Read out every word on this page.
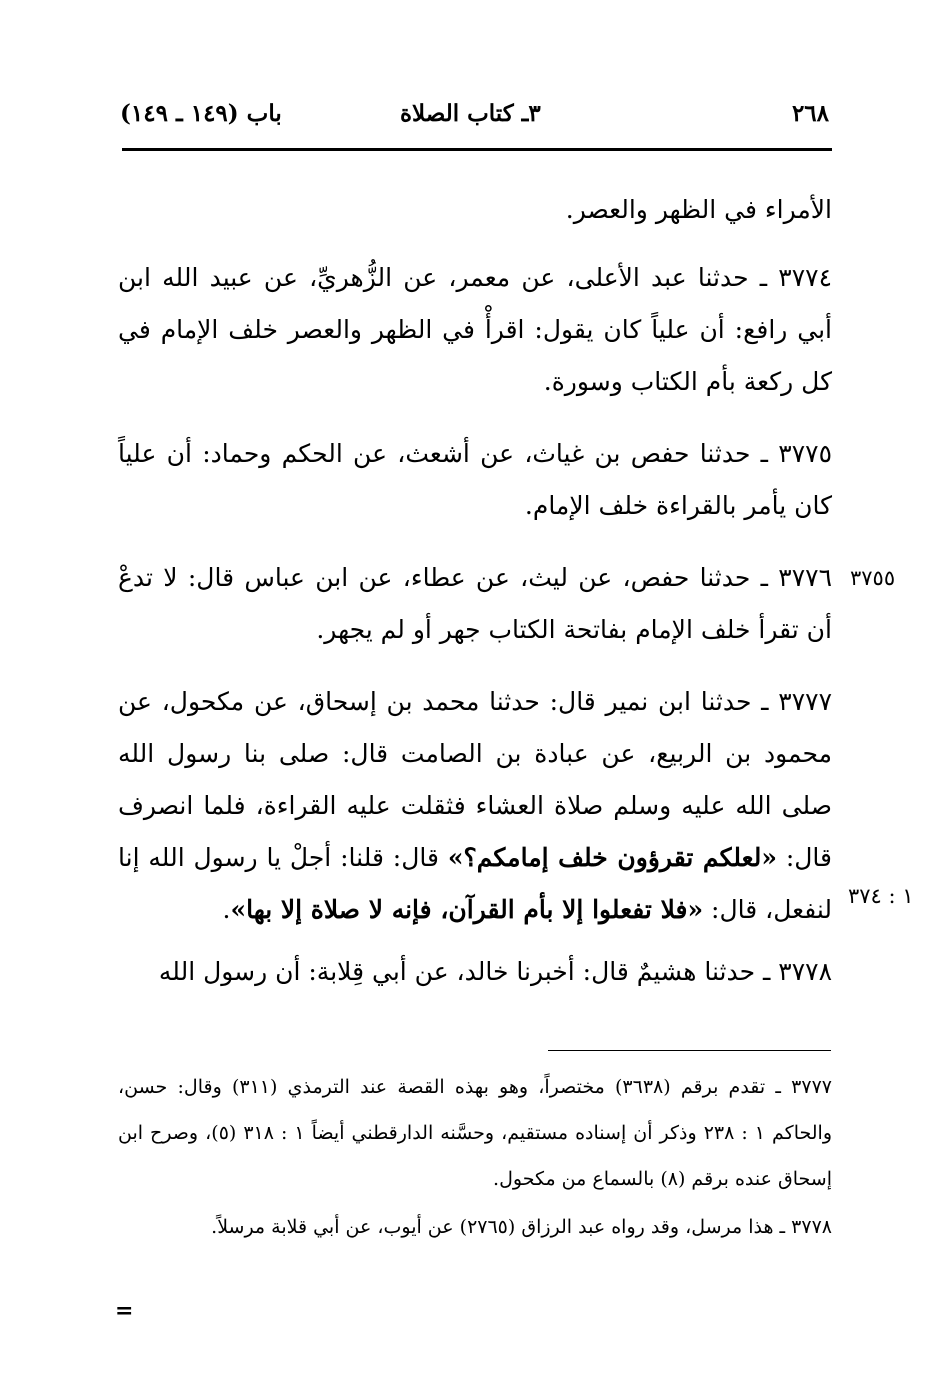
٢٦٨
٣ـ كتاب الصلاة
باب (١٤٩ ـ ١٤٩)
الأمراء في الظهر والعصر.
٣٧٧٤ ـ حدثنا عبد الأعلى، عن معمر، عن الزُّهريِّ، عن عبيد الله ابن أبي رافع: أن علياً كان يقول: اقرأْ في الظهر والعصر خلف الإمام في كل ركعة بأم الكتاب وسورة.
٣٧٧٥ ـ حدثنا حفص بن غياث، عن أشعث، عن الحكم وحماد: أن علياً كان يأمر بالقراءة خلف الإمام.
٣٧٥٥
٣٧٧٦ ـ حدثنا حفص، عن ليث، عن عطاء، عن ابن عباس قال: لا تدعْ أن تقرأ خلف الإمام بفاتحة الكتاب جهر أو لم يجهر.
١ : ٣٧٤
٣٧٧٧ ـ حدثنا ابن نمير قال: حدثنا محمد بن إسحاق، عن مكحول، عن محمود بن الربيع، عن عبادة بن الصامت قال: صلى بنا رسول الله صلى الله عليه وسلم صلاة العشاء فثقلت عليه القراءة، فلما انصرف قال: «لعلكم تقرؤون خلف إمامكم؟» قال: قلنا: أجلْ يا رسول الله إنا لنفعل، قال: «فلا تفعلوا إلا بأم القرآن، فإنه لا صلاة إلا بها».
٣٧٧٨ ـ حدثنا هشيمٌ قال: أخبرنا خالد، عن أبي قِلابة: أن رسول الله
٣٧٧٧ ـ تقدم برقم (٣٦٣٨) مختصراً، وهو بهذه القصة عند الترمذي (٣١١) وقال: حسن، والحاكم ١ : ٢٣٨ وذكر أن إسناده مستقيم، وحسَّنه الدارقطني أيضاً ١ : ٣١٨ (٥)، وصرح ابن إسحاق عنده برقم (٨) بالسماع من مكحول.
٣٧٧٨ ـ هذا مرسل، وقد رواه عبد الرزاق (٢٧٦٥) عن أيوب، عن أبي قلابة مرسلاً.
=
